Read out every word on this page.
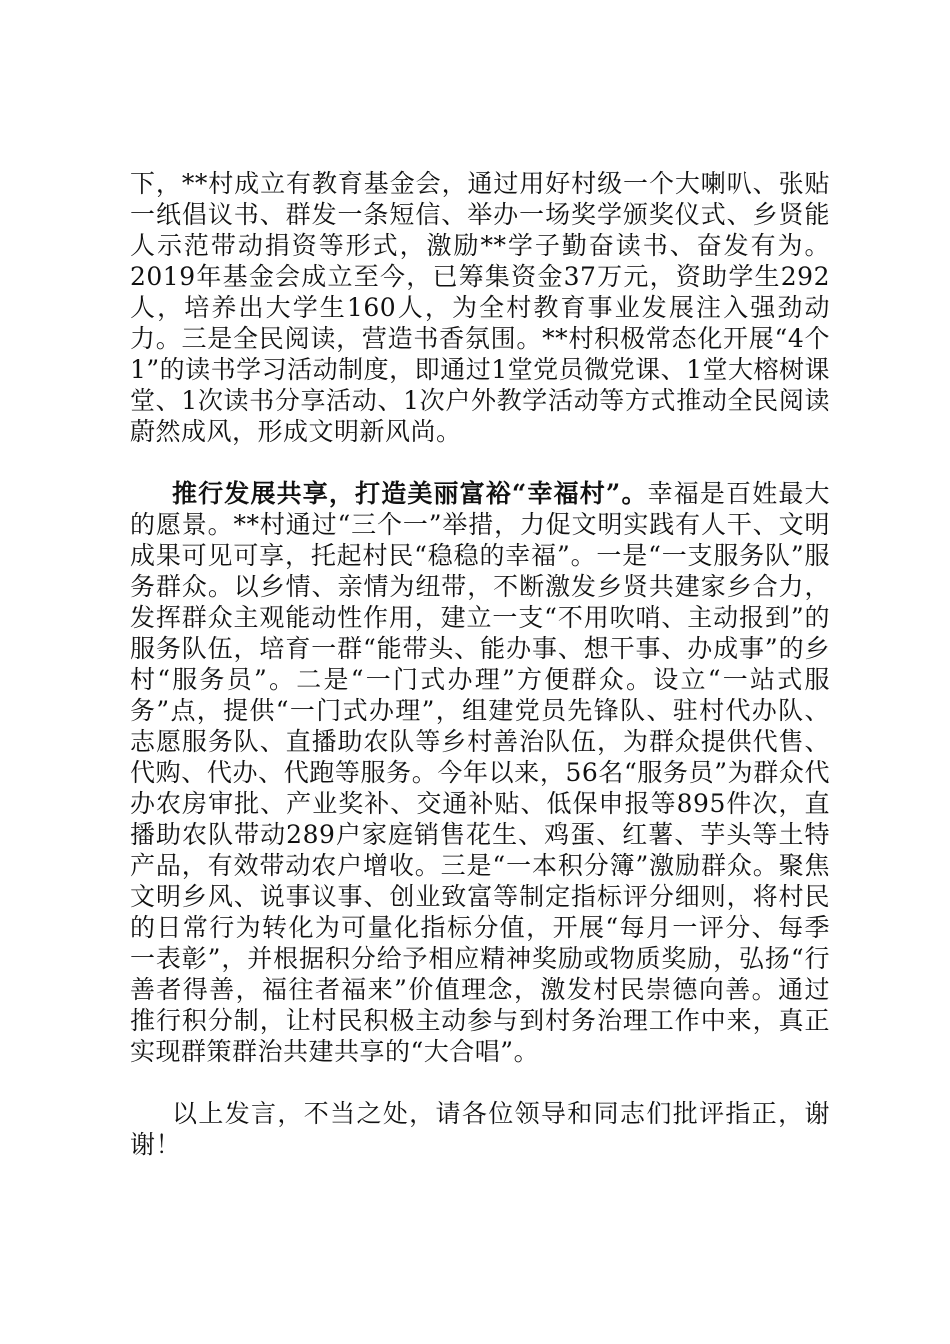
下，**村成立有教育基金会，通过用好村级一个大喇叭、张贴一纸倡议书、群发一条短信、举办一场奖学颁奖仪式、乡贤能人示范带动捐资等形式，激励**学子勤奋读书、奋发有为。2019年基金会成立至今，已筹集资金37万元，资助学生292人，培养出大学生160人，为全村教育事业发展注入强劲动力。三是全民阅读，营造书香氛围。**村积极常态化开展“4个1”的读书学习活动制度，即通过1堂党员微党课、1堂大榕树课堂、1次读书分享活动、1次户外教学活动等方式推动全民阅读蔚然成风，形成文明新风尚。

推行发展共享，打造美丽富裕“幸福村”。幸福是百姓最大的愿景。**村通过“三个一”举措，力促文明实践有人干、文明成果可见可享，托起村民“稳稳的幸福”。一是“一支服务队”服务群众。以乡情、亲情为纽带，不断激发乡贤共建家乡合力，发挥群众主观能动性作用，建立一支“不用吹哨、主动报到”的服务队伍，培育一群“能带头、能办事、想干事、办成事”的乡村“服务员”。二是“一门式办理”方便群众。设立“一站式服务”点，提供“一门式办理”，组建党员先锋队、驻村代办队、志愿服务队、直播助农队等乡村善治队伍，为群众提供代售、代购、代办、代跑等服务。今年以来，56名“服务员”为群众代办农房审批、产业奖补、交通补贴、低保申报等895件次，直播助农队带动289户家庭销售花生、鸡蛋、红薯、芋头等土特产品，有效带动农户增收。三是“一本积分簿”激励群众。聚焦文明乡风、说事议事、创业致富等制定指标评分细则，将村民的日常行为转化为可量化指标分值，开展“每月一评分、每季一表彰”，并根据积分给予相应精神奖励或物质奖励，弘扬“行善者得善，福往者福来”价值理念，激发村民崇德向善。通过推行积分制，让村民积极主动参与到村务治理工作中来，真正实现群策群治共建共享的“大合唱”。

以上发言，不当之处，请各位领导和同志们批评指正，谢谢！
